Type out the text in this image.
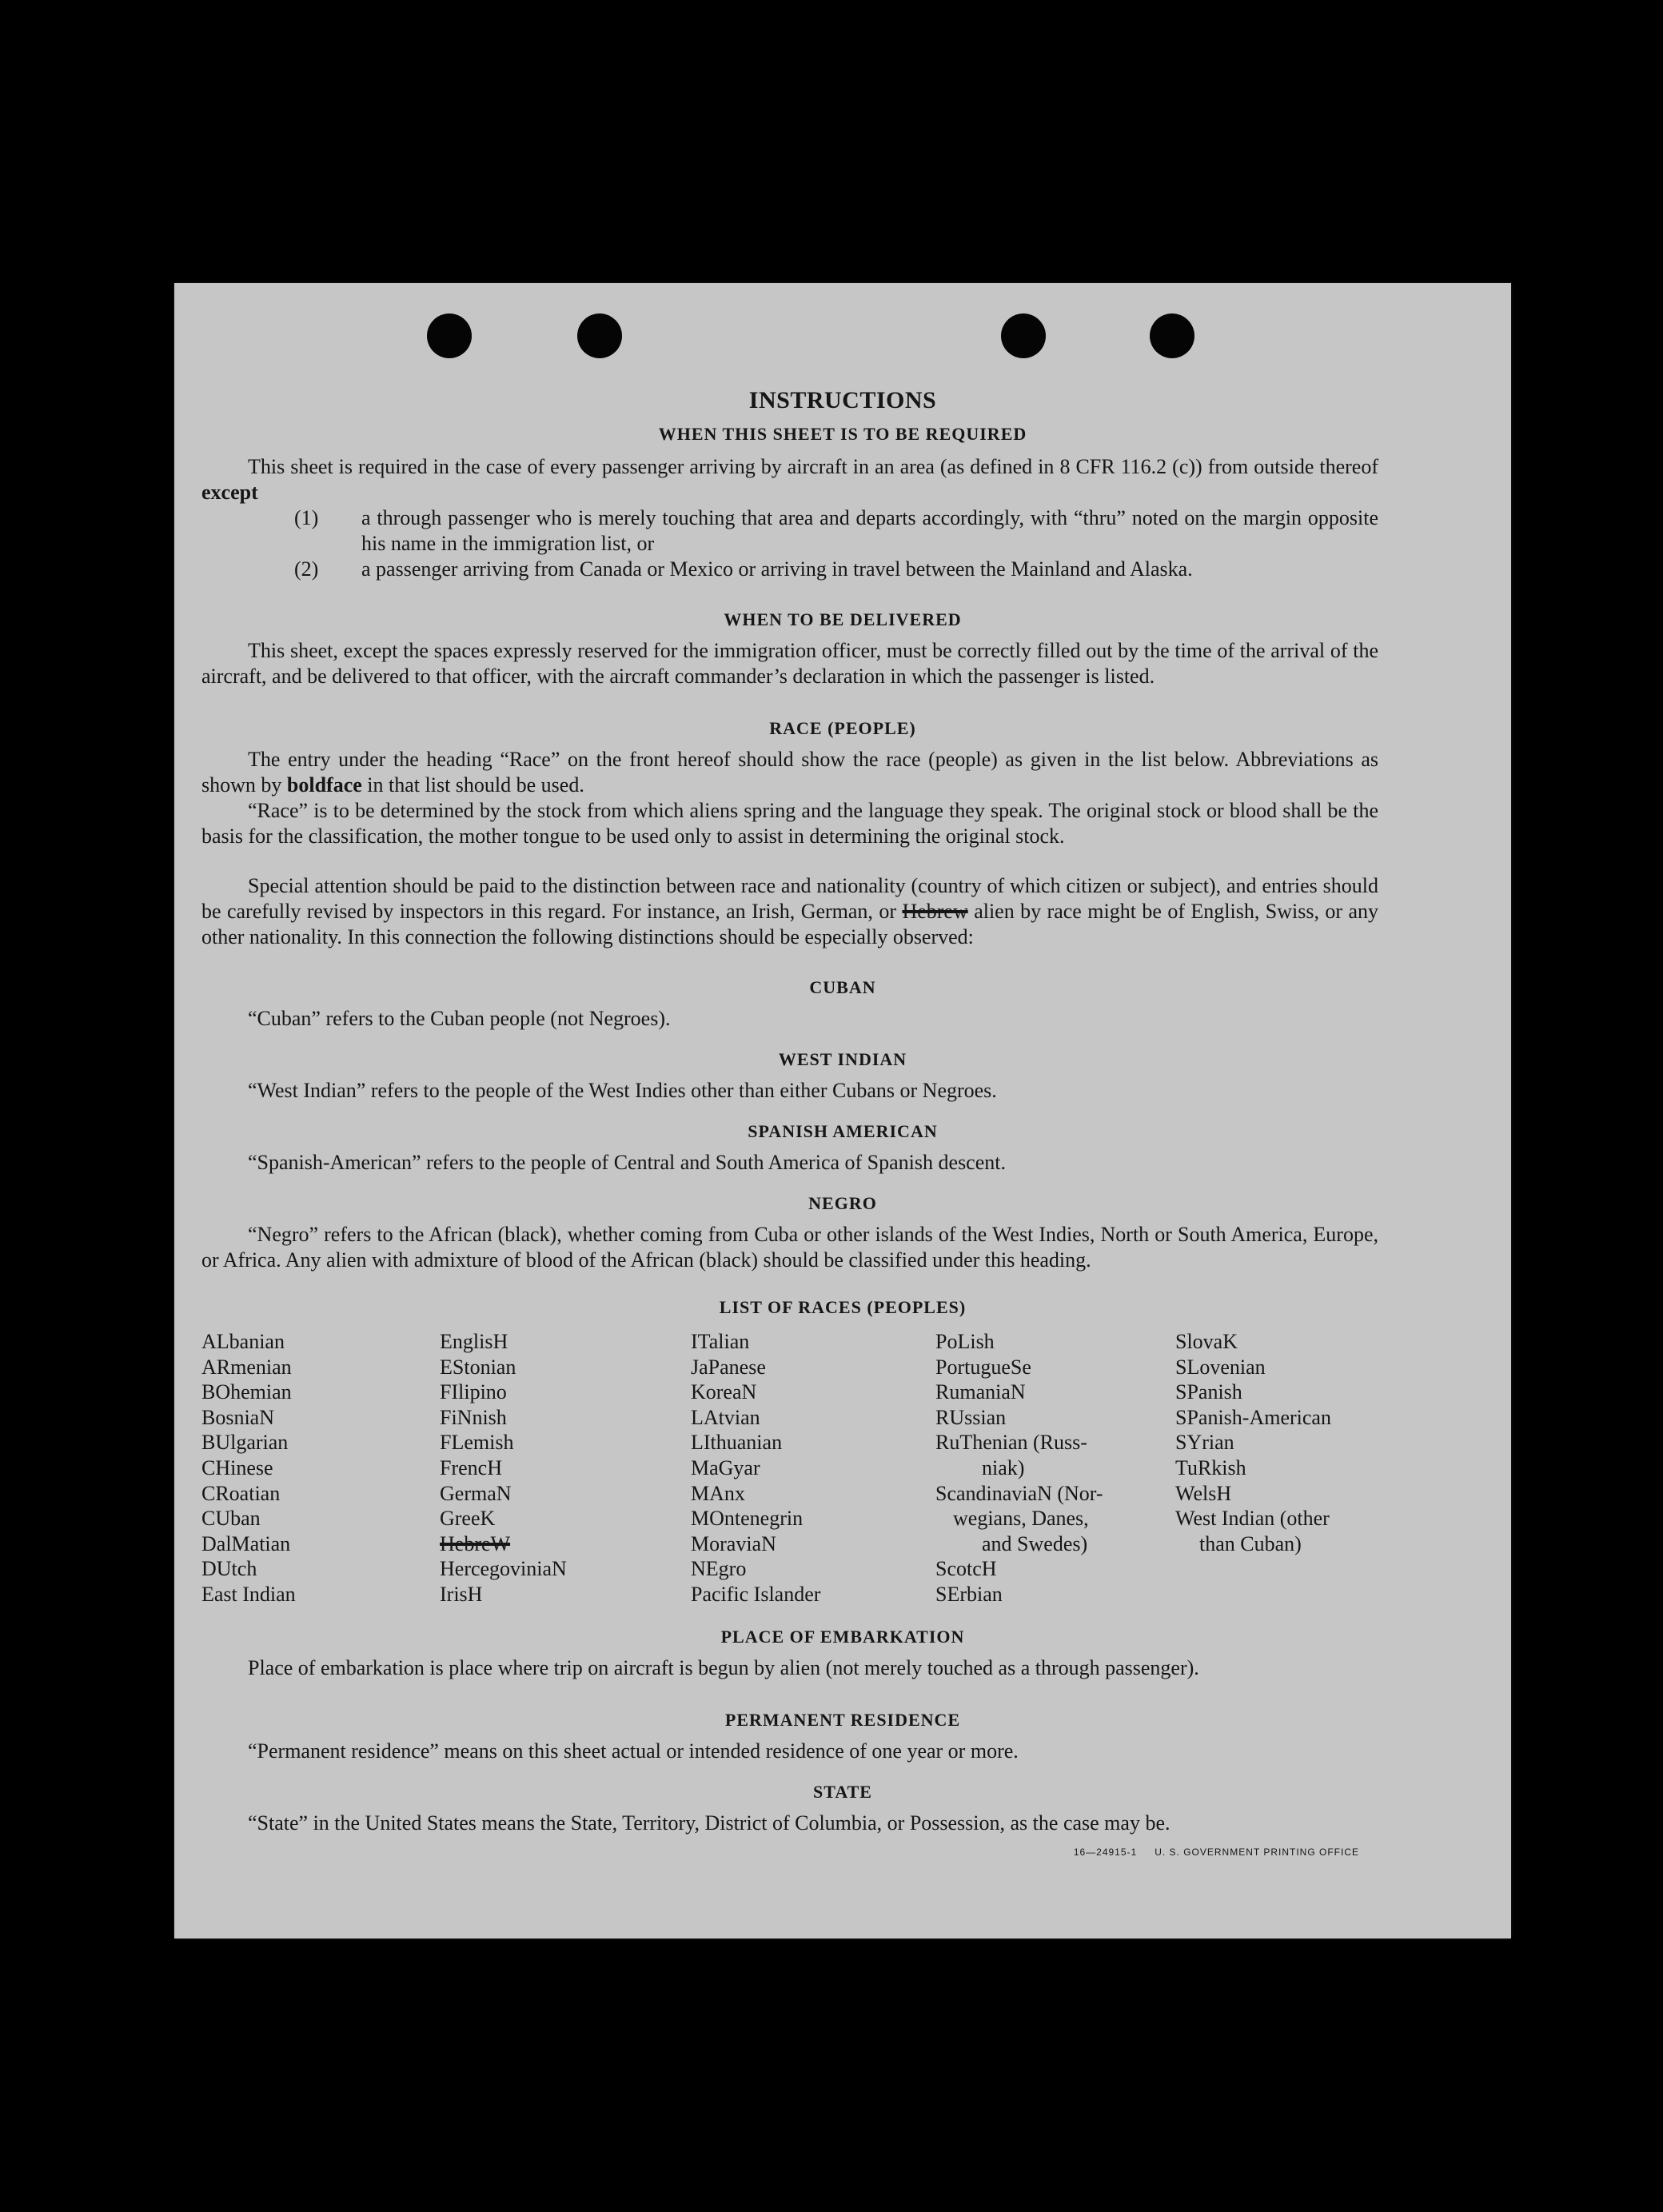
INSTRUCTIONS
WHEN THIS SHEET IS TO BE REQUIRED
This sheet is required in the case of every passenger arriving by aircraft in an area (as defined in 8 CFR 116.2 (c)) from outside thereof except
(1) a through passenger who is merely touching that area and departs accordingly, with “thru” noted on the margin opposite his name in the immigration list, or
(2) a passenger arriving from Canada or Mexico or arriving in travel between the Mainland and Alaska.
WHEN TO BE DELIVERED
This sheet, except the spaces expressly reserved for the immigration officer, must be correctly filled out by the time of the arrival of the aircraft, and be delivered to that officer, with the aircraft commander’s declaration in which the passenger is listed.
RACE (PEOPLE)
The entry under the heading “Race” on the front hereof should show the race (people) as given in the list below. Abbreviations as shown by boldface in that list should be used.
“Race” is to be determined by the stock from which aliens spring and the language they speak. The original stock or blood shall be the basis for the classification, the mother tongue to be used only to assist in determining the original stock.
Special attention should be paid to the distinction between race and nationality (country of which citizen or subject), and entries should be carefully revised by inspectors in this regard. For instance, an Irish, German, or Hebrew alien by race might be of English, Swiss, or any other nationality. In this connection the following distinctions should be especially observed:
CUBAN
“Cuban” refers to the Cuban people (not Negroes).
WEST INDIAN
“West Indian” refers to the people of the West Indies other than either Cubans or Negroes.
SPANISH AMERICAN
“Spanish-American” refers to the people of Central and South America of Spanish descent.
NEGRO
“Negro” refers to the African (black), whether coming from Cuba or other islands of the West Indies, North or South America, Europe, or Africa. Any alien with admixture of blood of the African (black) should be classified under this heading.
LIST OF RACES (PEOPLES)
ALbanian
ARmenian
BOhemian
BosniaN
BUlgarian
CHinese
CRoatian
CUban
DalMatian
DUtch
East Indian
EnglisH
EStonian
FIlipino
FiNnish
FLemish
FrencH
GermaN
GreeK
HebreW
HercegoviniaN
IrisH
ITalian
JaPanese
KoreaN
LAtvian
LIthuanian
MaGyar
MAnx
MOntenegrin
MoraviaN
NEgro
Pacific Islander
PoLish
PortugueSe
RumaniaN
RUssian
RuThenian (Russ-
niak)
ScandinaviaN (Nor-
wegians, Danes,
and Swedes)
ScotcH
SErbian
SlovaK
SLovenian
SPanish
SPanish-American
SYrian
TuRkish
WelsH
West Indian (other
than Cuban)
PLACE OF EMBARKATION
Place of embarkation is place where trip on aircraft is begun by alien (not merely touched as a through passenger).
PERMANENT RESIDENCE
“Permanent residence” means on this sheet actual or intended residence of one year or more.
STATE
“State” in the United States means the State, Territory, District of Columbia, or Possession, as the case may be.
16—24915-1 U. S. GOVERNMENT PRINTING OFFICE
